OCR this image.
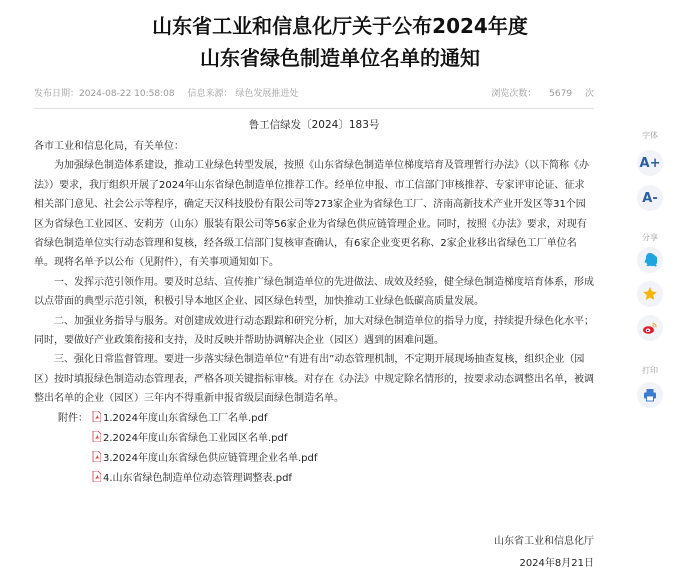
山东省工业和信息化厅关于公布2024年度
山东省绿色制造单位名单的通知
发布日期：2024-08-22 10:58:08 信息来源： 绿色发展推进处	浏览次数： 5679 次
鲁工信绿发〔2024〕183号

各市工业和信息化局，有关单位：

为加强绿色制造体系建设，推动工业绿色转型发展，按照《山东省绿色制造单位梯度培育及管理暂行办法》（以下简称《办法》）要求，我厅组织开展了2024年山东省绿色制造单位推荐工作。经单位申报、市工信部门审核推荐、专家评审论证、征求相关部门意见、社会公示等程序，确定天汉科技股份有限公司等273家企业为省绿色工厂、济南高新技术产业开发区等31个园区为省绿色工业园区、安莉芳（山东）服装有限公司等56家企业为省绿色供应链管理企业。同时，按照《办法》要求，对现有省绿色制造单位实行动态管理和复核，经各级工信部门复核审查确认，有6家企业变更名称、2家企业移出省绿色工厂单位名单。现将名单予以公布（见附件），有关事项通知如下。

一、发挥示范引领作用。要及时总结、宣传推广绿色制造单位的先进做法、成效及经验，健全绿色制造梯度培育体系，形成以点带面的典型示范引领，积极引导本地区企业、园区绿色转型，加快推动工业绿色低碳高质量发展。

二、加强业务指导与服务。对创建成效进行动态跟踪和研究分析，加大对绿色制造单位的指导力度，持续提升绿色化水平；同时，要做好产业政策衔接和支持，及时反映并帮助协调解决企业（园区）遇到的困难问题。

三、强化日常监督管理。要进一步落实绿色制造单位“有进有出”动态管理机制，不定期开展现场抽查复核，组织企业（园区）按时填报绿色制造动态管理表，严格各项关键指标审核。对存在《办法》中规定除名情形的，按要求动态调整出名单，被调整出名单的企业（园区）三年内不得重新申报省级层面绿色制造名单。

附件：	1.2024年度山东省绿色工厂名单.pdf
2.2024年度山东省绿色工业园区名单.pdf
3.2024年度山东省绿色供应链管理企业名单.pdf
4.山东省绿色制造单位动态管理调整表.pdf
山东省工业和信息化厅
2024年8月21日
字体
A+
A-
分享
打印
